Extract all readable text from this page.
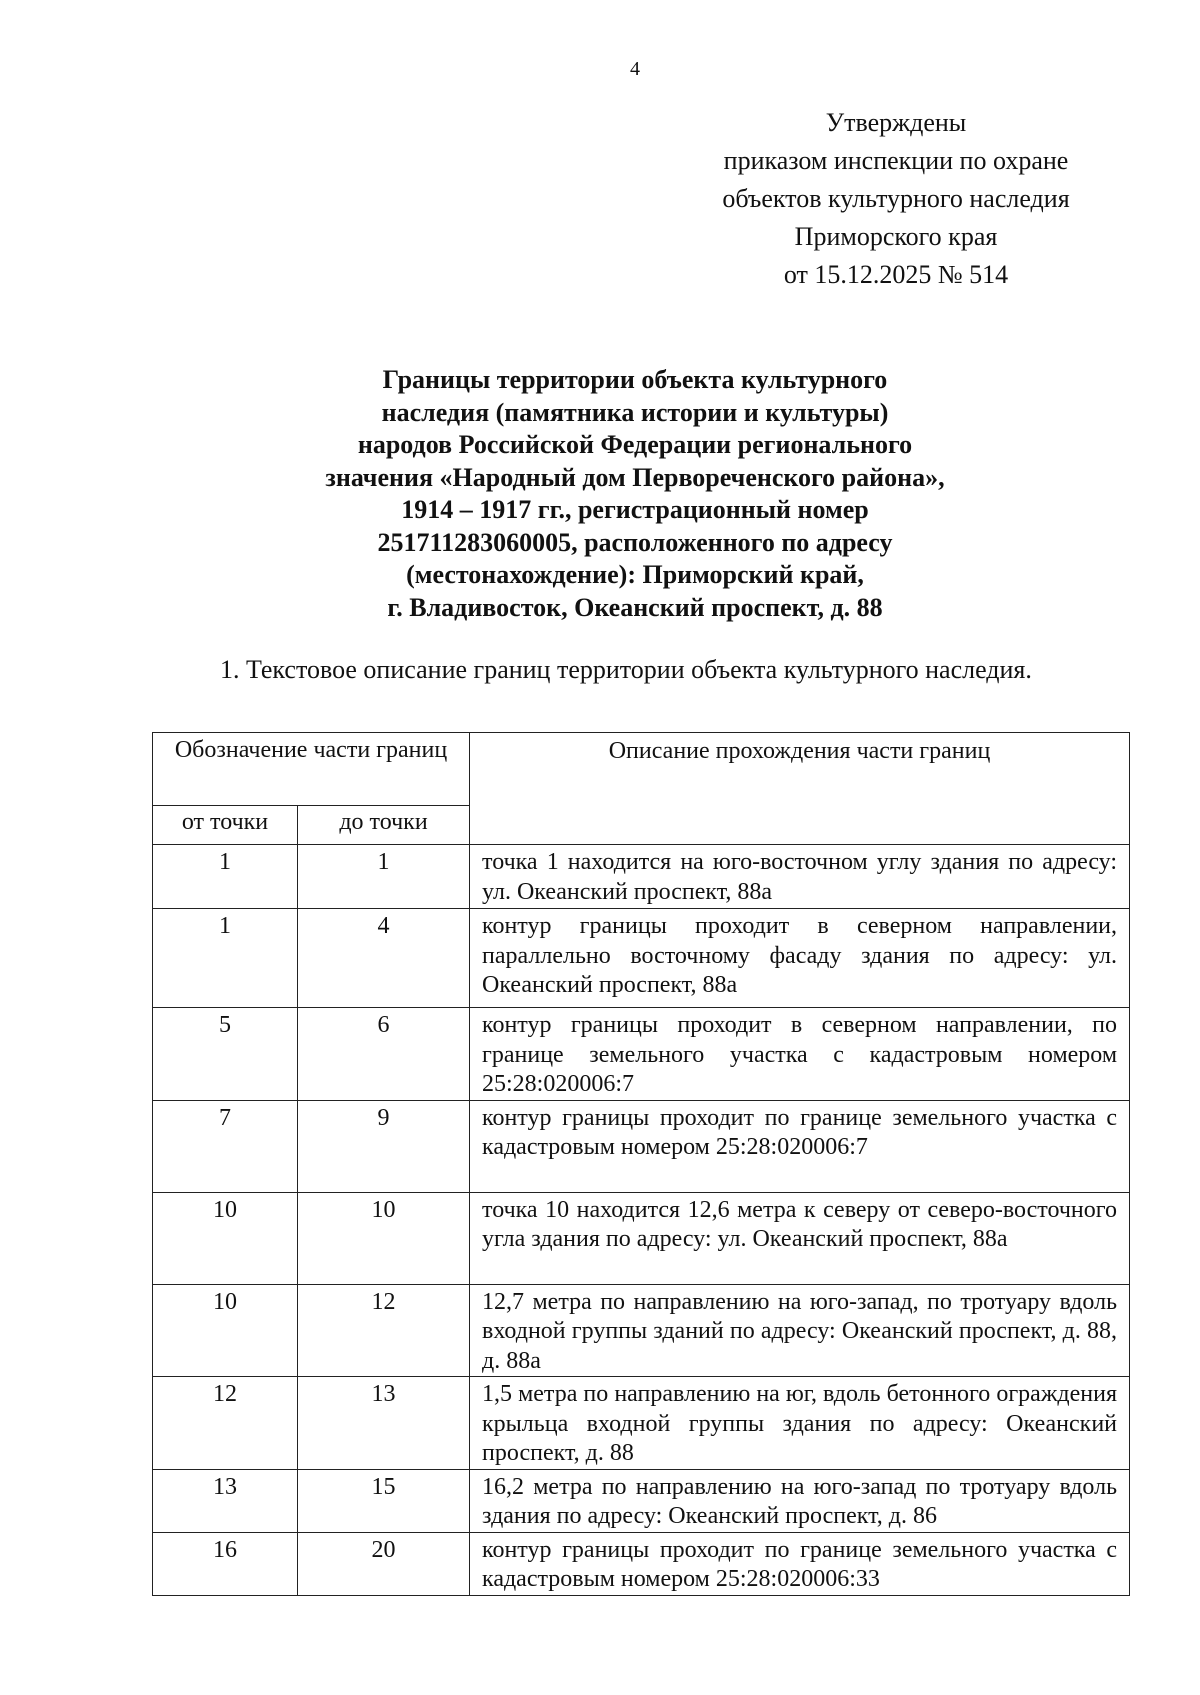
4
Утверждены
приказом инспекции по охране
объектов культурного наследия
Приморского края
от 15.12.2025 № 514
Границы территории объекта культурного
наследия (памятника истории и культуры)
народов Российской Федерации регионального
значения «Народный дом Первореченского района»,
1914 – 1917 гг., регистрационный номер
251711283060005, расположенного по адресу
(местонахождение): Приморский край,
г. Владивосток, Океанский проспект, д. 88
1. Текстовое описание границ территории объекта культурного наследия.
Обозначение части границ		Описание прохождения части границ
от точки	до точки	
1	1	точка 1 находится на юго-восточном углу здания по адресу: ул. Океанский проспект, 88а
1	4	контур границы проходит в северном направлении, параллельно восточному фасаду здания по адресу: ул. Океанский проспект, 88а
5	6	контур границы проходит в северном направлении, по границе земельного участка с кадастровым номером 25:28:020006:7
7	9	контур границы проходит по границе земельного участка с кадастровым номером 25:28:020006:7
10	10	точка 10 находится 12,6 метра к северу от северо-восточного угла здания по адресу: ул. Океанский проспект, 88а
10	12	12,7 метра по направлению на юго-запад, по тротуару вдоль входной группы зданий по адресу: Океанский проспект, д. 88, д. 88а
12	13	1,5 метра по направлению на юг, вдоль бетонного ограждения крыльца входной группы здания по адресу: Океанский проспект, д. 88
13	15	16,2 метра по направлению на юго-запад по тротуару вдоль здания по адресу: Океанский проспект, д. 86
16	20	контур границы проходит по границе земельного участка с кадастровым номером 25:28:020006:33
